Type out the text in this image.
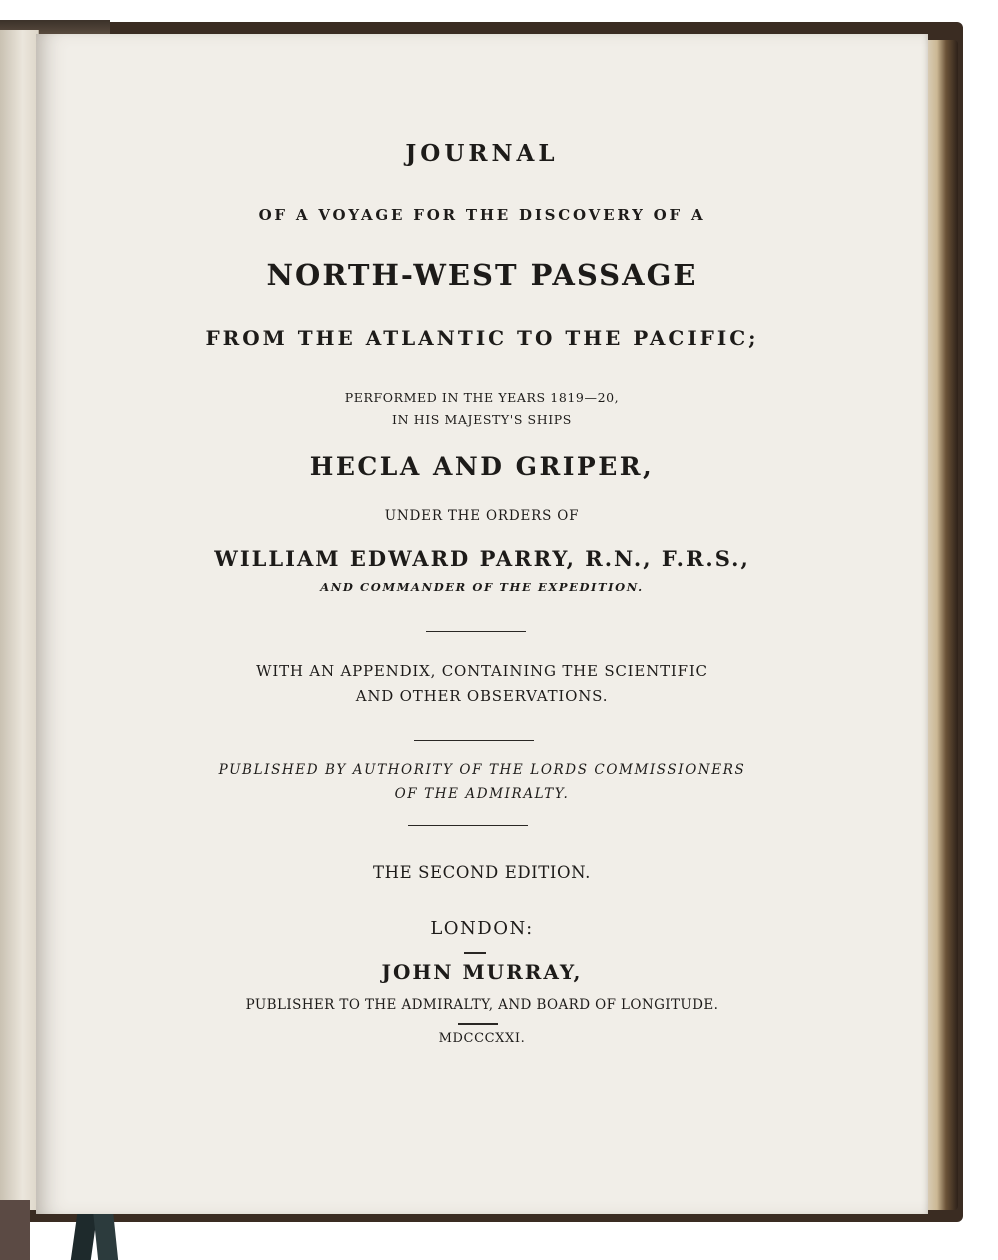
JOURNAL
OF A VOYAGE FOR THE DISCOVERY OF A
NORTH-WEST PASSAGE
FROM THE ATLANTIC TO THE PACIFIC;
PERFORMED IN THE YEARS 1819—20,
IN HIS MAJESTY'S SHIPS
HECLA AND GRIPER,
UNDER THE ORDERS OF
WILLIAM EDWARD PARRY, R.N., F.R.S.,
AND COMMANDER OF THE EXPEDITION.
WITH AN APPENDIX, CONTAINING THE SCIENTIFIC
AND OTHER OBSERVATIONS.
PUBLISHED BY AUTHORITY OF THE LORDS COMMISSIONERS
OF THE ADMIRALTY.
THE SECOND EDITION.
LONDON:
JOHN MURRAY,
PUBLISHER TO THE ADMIRALTY, AND BOARD OF LONGITUDE.
MDCCCXXI.
